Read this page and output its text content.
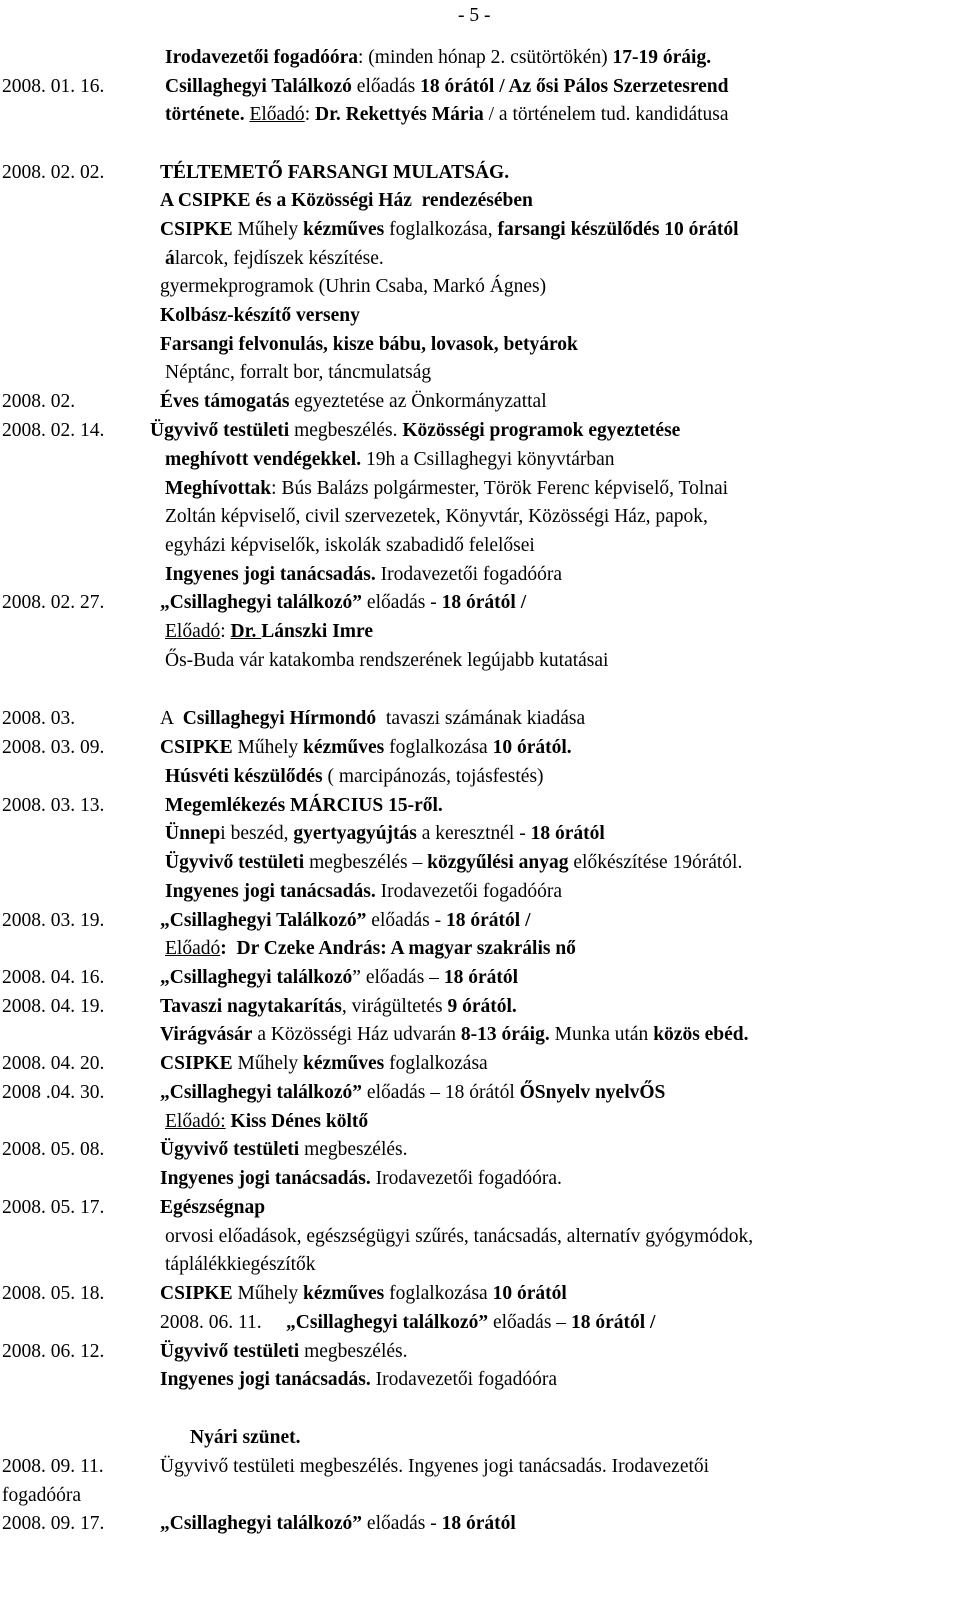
- 5 -
Irodavezetői fogadóóra: (minden hónap 2. csütörtökén) 17-19 óráig.
2008. 01. 16.	Csillaghegyi Találkozó előadás 18 órától / Az ősi Pálos Szerzetesrend
története. Előadó: Dr. Rekettyés Mária / a történelem tud. kandidátusa
2008. 02. 02.	TÉLTEMETŐ FARSANGI MULATSÁG.
A CSIPKE és a Közösségi Ház  rendezésében
CSIPKE Műhely kézműves foglalkozása, farsangi készülődés 10 órától
álarcok, fejdíszek készítése.
gyermekprogramok (Uhrin Csaba, Markó Ágnes)
Kolbász-készítő verseny
Farsangi felvonulás, kisze bábu, lovasok, betyárok
Néptánc, forralt bor, táncmulatság
2008. 02.	Éves támogatás egyeztetése az Önkormányzattal
2008. 02. 14. Ügyvivő testületi megbeszélés. Közösségi programok egyeztetése
meghívott vendégekkel. 19h a Csillaghegyi könyvtárban
Meghívottak: Bús Balázs polgármester, Török Ferenc képviselő, Tolnai
Zoltán képviselő, civil szervezetek, Könyvtár, Közösségi Ház, papok,
egyházi képviselők, iskolák szabadidő felelősei
Ingyenes jogi tanácsadás. Irodavezetői fogadóóra
2008. 02. 27.	„Csillaghegyi találkozó” előadás - 18 órától /
Előadó: Dr. Lánszki Imre
Ős-Buda vár katakomba rendszerének legújabb kutatásai
2008. 03.	A  Csillaghegyi Hírmondó  tavaszi számának kiadása
2008. 03. 09.	CSIPKE Műhely kézműves foglalkozása 10 órától.
Húsvéti készülődés ( marcipánozás, tojásfestés)
2008. 03. 13.	Megemlékezés MÁRCIUS 15-ről.
Ünnepi beszéd, gyertyagyújtás a keresztnél - 18 órától
Ügyvivő testületi megbeszélés – közgyűlési anyag előkészítése 19órától.
Ingyenes jogi tanácsadás. Irodavezetői fogadóóra
2008. 03. 19.	„Csillaghegyi Találkozó” előadás - 18 órától /
Előadó:  Dr Czeke András: A magyar szakrális nő
2008. 04. 16.	„Csillaghegyi találkozó” előadás – 18 órától
2008. 04. 19.	Tavaszi nagytakarítás, virágültetés 9 órától.
Virágvásár a Közösségi Ház udvarán 8-13 óráig. Munka után közös ebéd.
2008. 04. 20.	CSIPKE Műhely kézműves foglalkozása
2008 .04. 30.	„Csillaghegyi találkozó” előadás – 18 órától ŐSnyelv nyelvŐS
Előadó: Kiss Dénes költő
2008. 05. 08.	Ügyvivő testületi megbeszélés.
Ingyenes jogi tanácsadás. Irodavezetői fogadóóra.
2008. 05. 17.	Egészségnap
orvosi előadások, egészségügyi szűrés, tanácsadás, alternatív gyógymódok,
táplálékkiegészítők
2008. 05. 18.	CSIPKE Műhely kézműves foglalkozása 10 órától
2008. 06. 11.     „Csillaghegyi találkozó” előadás – 18 órától /
2008. 06. 12.	Ügyvivő testületi megbeszélés.
Ingyenes jogi tanácsadás. Irodavezetői fogadóóra
Nyári szünet.
2008. 09. 11.	Ügyvivő testületi megbeszélés. Ingyenes jogi tanácsadás. Irodavezetői
fogadóóra
2008. 09. 17.	„Csillaghegyi találkozó” előadás - 18 órától
